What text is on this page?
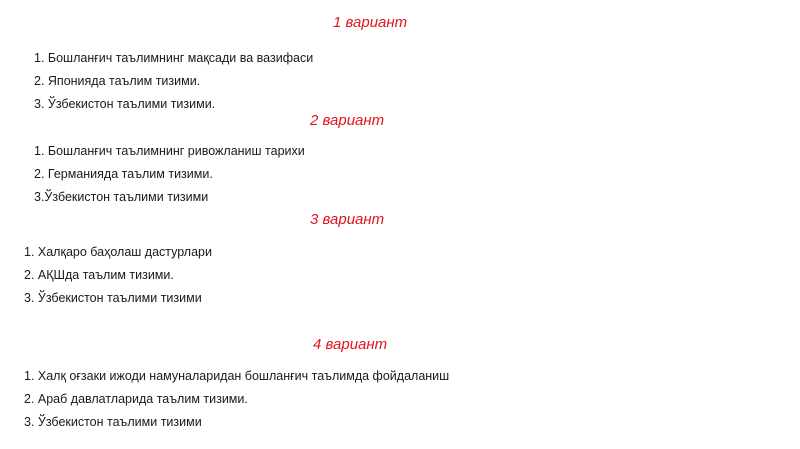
1 вариант
1. Бошланғич таълимнинг мақсади ва вазифаси
2. Японияда таълим тизими.
3. Ўзбекистон таълими тизими.
2 вариант
1. Бошланғич таълимнинг ривожланиш тарихи
2. Германияда таълим тизими.
3.Ўзбекистон таълими тизими
3 вариант
1. Халқаро баҳолаш дастурлари
2. АҚШда таълим тизими.
3. Ўзбекистон таълими тизими
4 вариант
1. Халқ оғзаки ижоди намуналаридан бошланғич таълимда фойдаланиш
2. Араб давлатларида таълим тизими.
3. Ўзбекистон таълими тизими
